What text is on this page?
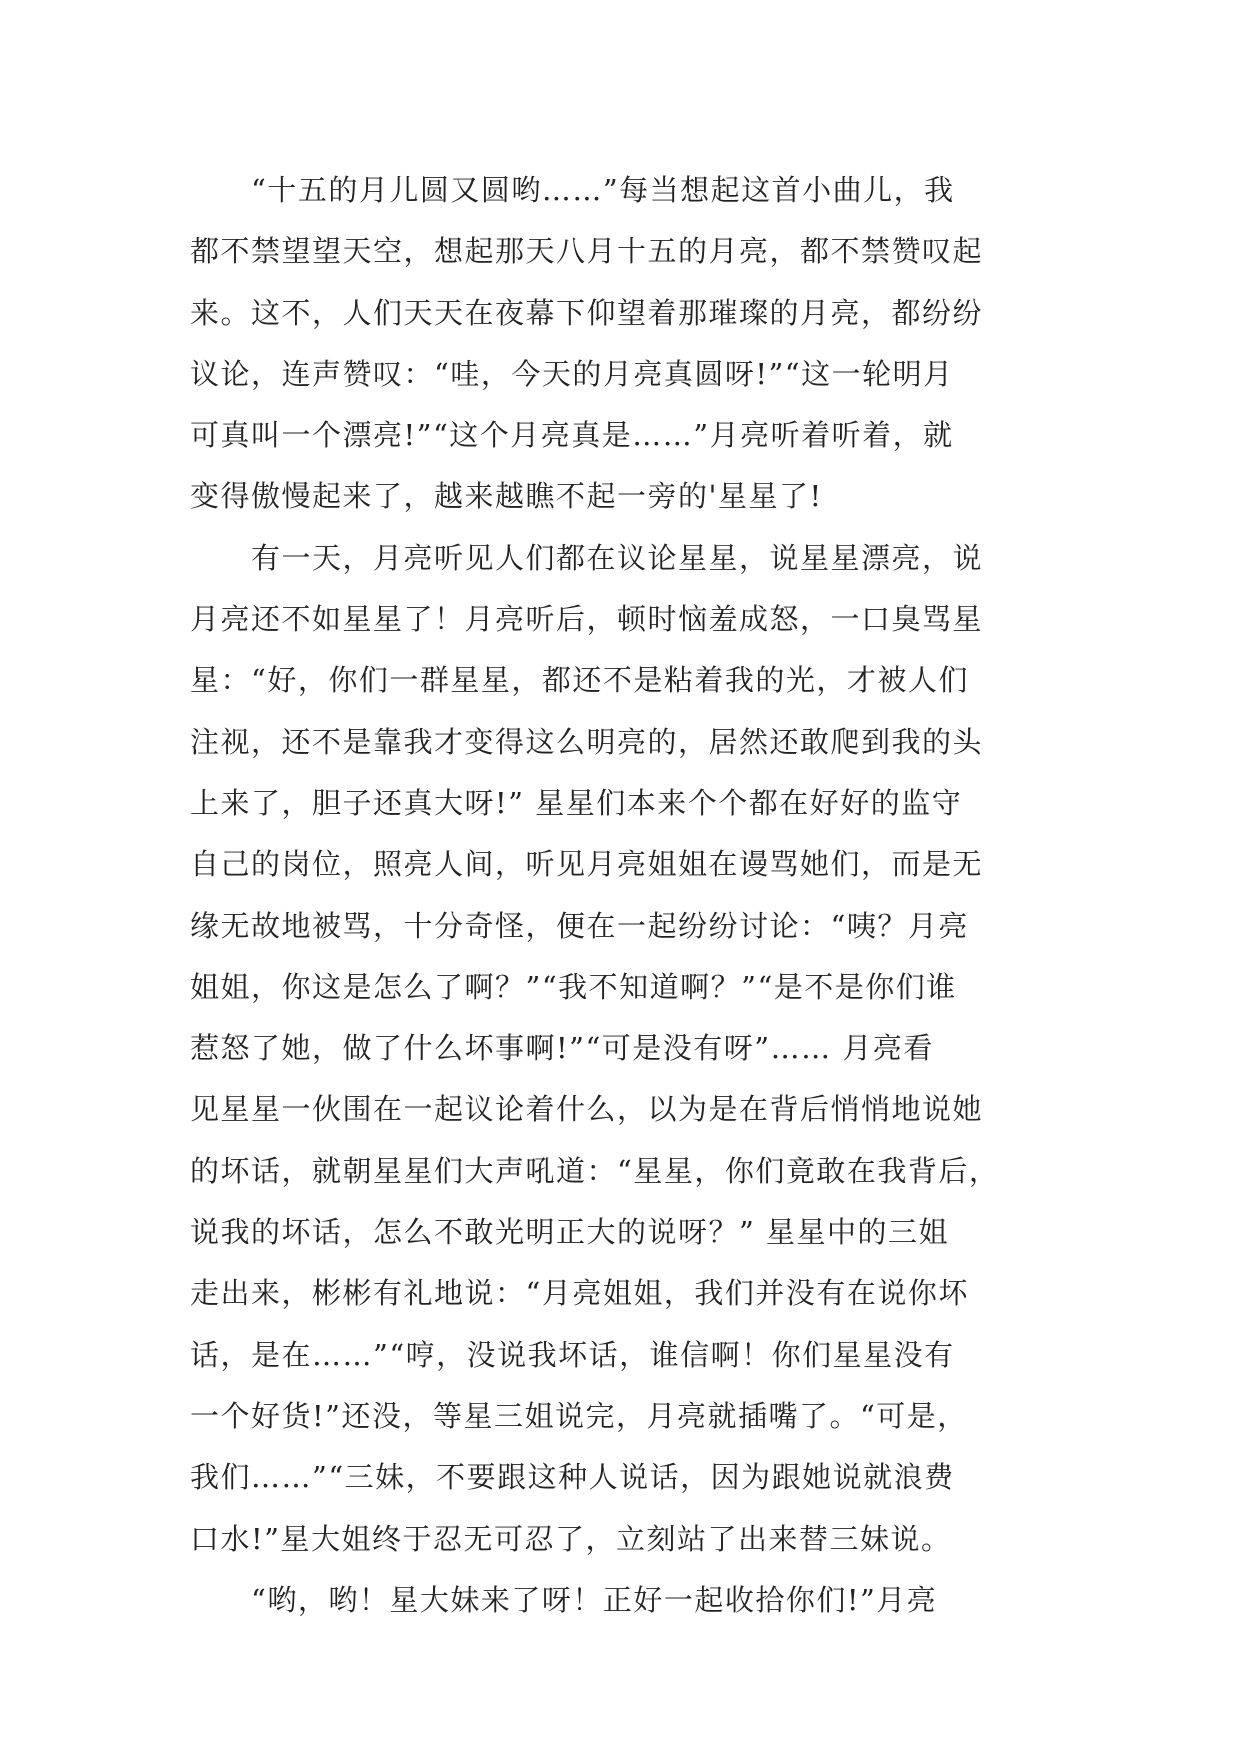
　　“十五的月儿圆又圆哟……”每当想起这首小曲儿，我
都不禁望望天空，想起那天八月十五的月亮，都不禁赞叹起
来。这不，人们天天在夜幕下仰望着那璀璨的月亮，都纷纷
议论，连声赞叹：“哇，今天的月亮真圆呀!”“这一轮明月
可真叫一个漂亮!”“这个月亮真是……”月亮听着听着，就
变得傲慢起来了，越来越瞧不起一旁的'星星了!
　　有一天，月亮听见人们都在议论星星，说星星漂亮，说
月亮还不如星星了！月亮听后，顿时恼羞成怒，一口臭骂星
星：“好，你们一群星星，都还不是粘着我的光，才被人们
注视，还不是靠我才变得这么明亮的，居然还敢爬到我的头
上来了，胆子还真大呀!” 星星们本来个个都在好好的监守
自己的岗位，照亮人间，听见月亮姐姐在谩骂她们，而是无
缘无故地被骂，十分奇怪，便在一起纷纷讨论：“咦？月亮
姐姐，你这是怎么了啊？”“我不知道啊？”“是不是你们谁
惹怒了她，做了什么坏事啊!”“可是没有呀”…… 月亮看
见星星一伙围在一起议论着什么，以为是在背后悄悄地说她
的坏话，就朝星星们大声吼道：“星星，你们竟敢在我背后，
说我的坏话，怎么不敢光明正大的说呀？” 星星中的三姐
走出来，彬彬有礼地说：“月亮姐姐，我们并没有在说你坏
话，是在……”“哼，没说我坏话，谁信啊！你们星星没有
一个好货!”还没，等星三姐说完，月亮就插嘴了。“可是，
我们……”“三妹，不要跟这种人说话，因为跟她说就浪费
口水!”星大姐终于忍无可忍了，立刻站了出来替三妹说。
　　“哟，哟！星大妹来了呀！正好一起收拾你们!”月亮
